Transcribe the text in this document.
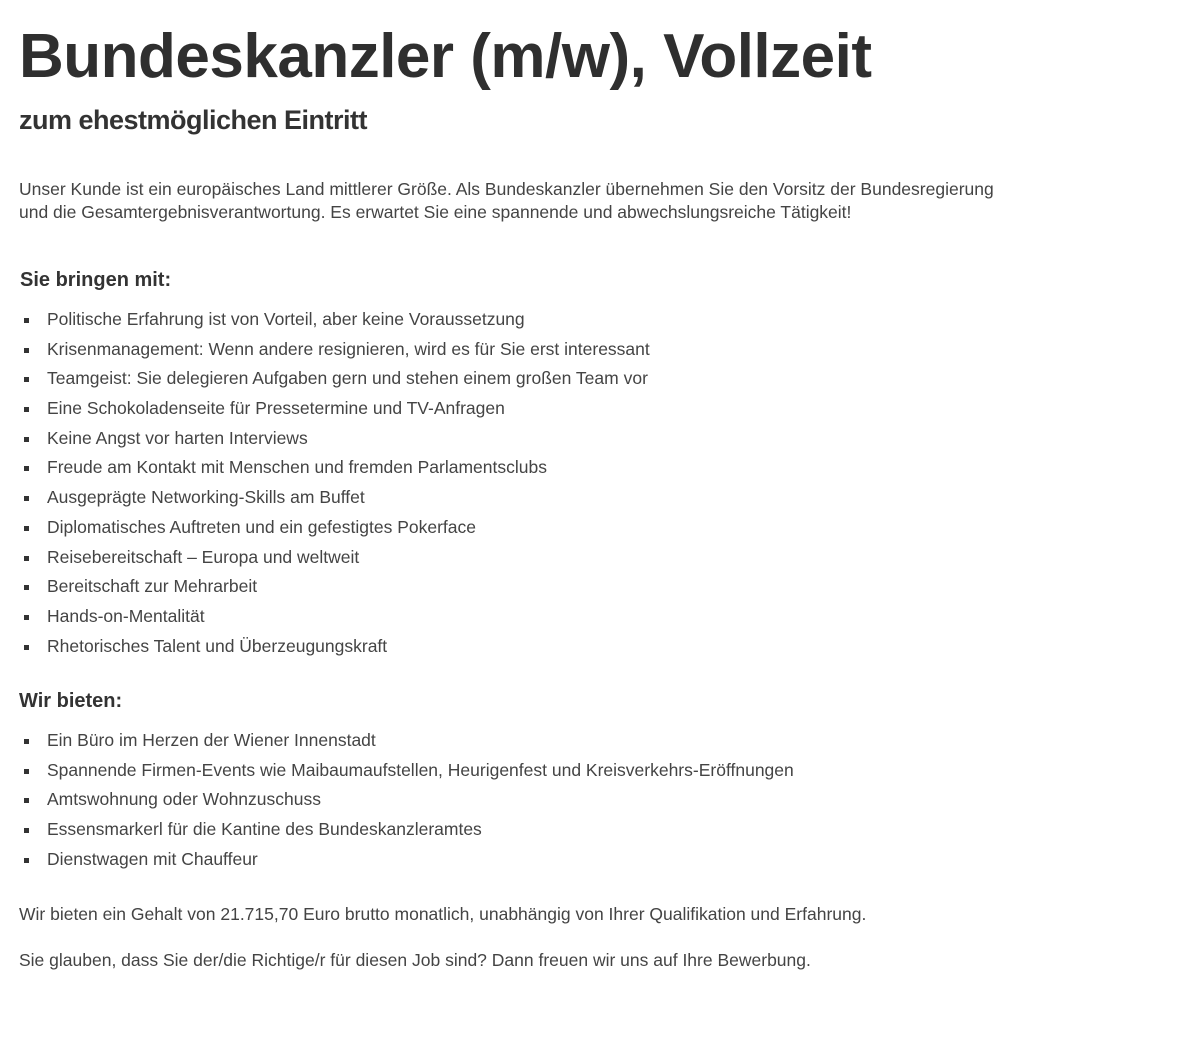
Bundeskanzler (m/w), Vollzeit
zum ehestmöglichen Eintritt

Unser Kunde ist ein europäisches Land mittlerer Größe. Als Bundeskanzler übernehmen Sie den Vorsitz der Bundesregierung und die Gesamtergebnisverantwortung. Es erwartet Sie eine spannende und abwechslungsreiche Tätigkeit!

Sie bringen mit:
Politische Erfahrung ist von Vorteil, aber keine Voraussetzung
Krisenmanagement: Wenn andere resignieren, wird es für Sie erst interessant
Teamgeist: Sie delegieren Aufgaben gern und stehen einem großen Team vor
Eine Schokoladenseite für Pressetermine und TV-Anfragen
Keine Angst vor harten Interviews
Freude am Kontakt mit Menschen und fremden Parlamentsclubs
Ausgeprägte Networking-Skills am Buffet
Diplomatisches Auftreten und ein gefestigtes Pokerface
Reisebereitschaft – Europa und weltweit
Bereitschaft zur Mehrarbeit
Hands-on-Mentalität
Rhetorisches Talent und Überzeugungskraft
Wir bieten:
Ein Büro im Herzen der Wiener Innenstadt
Spannende Firmen-Events wie Maibaumaufstellen, Heurigenfest und Kreisverkehrs-Eröffnungen
Amtswohnung oder Wohnzuschuss
Essensmarkerl für die Kantine des Bundeskanzleramtes
Dienstwagen mit Chauffeur

Wir bieten ein Gehalt von 21.715,70 Euro brutto monatlich, unabhängig von Ihrer Qualifikation und Erfahrung.

Sie glauben, dass Sie der/die Richtige/r für diesen Job sind? Dann freuen wir uns auf Ihre Bewerbung.
